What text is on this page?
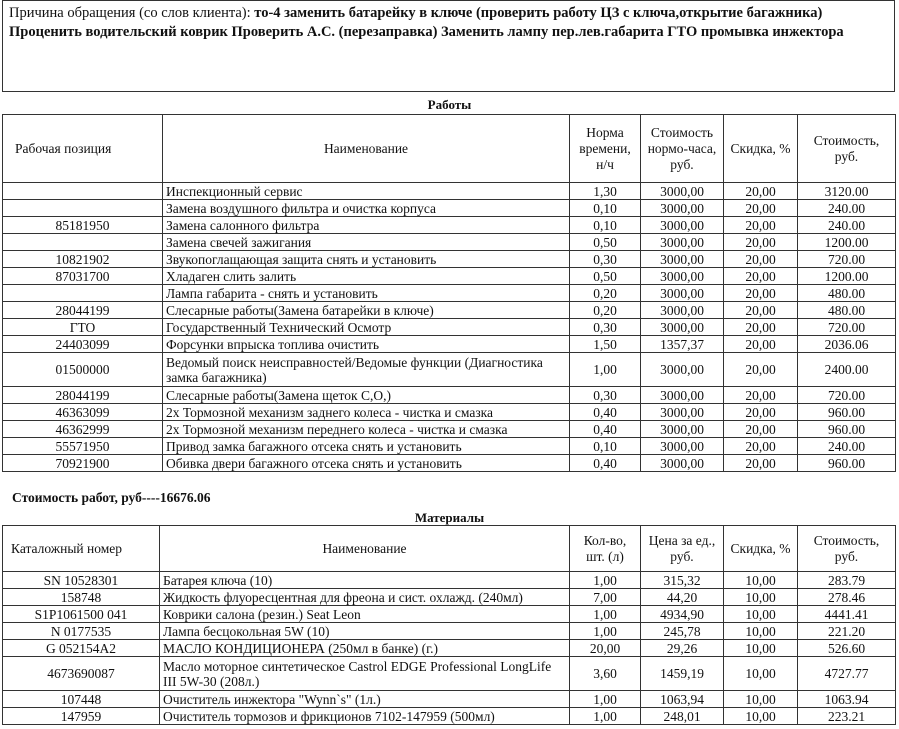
Причина обращения (со слов клиента): то-4 заменить батарейку в ключе (проверить работу ЦЗ с ключа,открытие багажника)
Проценить водительский коврик Проверить А.С. (перезаправка) Заменить лампу пер.лев.габарита ГТО промывка инжектора
Работы
Рабочая позиция	Наименование	Норма времени, н/ч	Стоимость нормо-часа, руб.	Скидка, %	Стоимость, руб.
	Инспекционный сервис	1,30	3000,00	20,00	3120.00
	Замена воздушного фильтра и очистка корпуса	0,10	3000,00	20,00	240.00
85181950	Замена салонного фильтра	0,10	3000,00	20,00	240.00
	Замена свечей зажигания	0,50	3000,00	20,00	1200.00
10821902	Звукопоглащающая защита снять и установить	0,30	3000,00	20,00	720.00
87031700	Хладаген слить залить	0,50	3000,00	20,00	1200.00
	Лампа габарита - снять и установить	0,20	3000,00	20,00	480.00
28044199	Слесарные работы(Замена батарейки в ключе)	0,20	3000,00	20,00	480.00
ГТО	Государственный Технический Осмотр	0,30	3000,00	20,00	720.00
24403099	Форсунки впрыска топлива очистить	1,50	1357,37	20,00	2036.06
01500000	Ведомый поиск неисправностей/Ведомые функции (Диагностика замка багажника)	1,00	3000,00	20,00	2400.00
28044199	Слесарные работы(Замена щеток С,О,)	0,30	3000,00	20,00	720.00
46363099	2х Тормозной механизм заднего колеса - чистка и смазка	0,40	3000,00	20,00	960.00
46362999	2х Тормозной механизм переднего колеса - чистка и смазка	0,40	3000,00	20,00	960.00
55571950	Привод замка багажного отсека снять и установить	0,10	3000,00	20,00	240.00
70921900	Обивка двери багажного отсека снять и установить	0,40	3000,00	20,00	960.00
Стоимость работ, руб----16676.06
Материалы
Каталожный номер	Наименование	Кол-во, шт. (л)	Цена за ед., руб.	Скидка, %	Стоимость, руб.
SN 10528301	Батарея ключа (10)	1,00	315,32	10,00	283.79
158748	Жидкость флуоресцентная для фреона и сист. охлажд. (240мл)	7,00	44,20	10,00	278.46
S1P1061500 041	Коврики салона (резин.) Seat Leon	1,00	4934,90	10,00	4441.41
N 0177535	Лампа бесцокольная 5W (10)	1,00	245,78	10,00	221.20
G 052154A2	МАСЛО КОНДИЦИОНЕРА (250мл в банке) (г.)	20,00	29,26	10,00	526.60
4673690087	Масло моторное синтетическое Castrol EDGE Professional LongLife III 5W-30 (208л.)	3,60	1459,19	10,00	4727.77
107448	Очиститель инжектора "Wynn`s" (1л.)	1,00	1063,94	10,00	1063.94
147959	Очиститель тормозов и фрикционов 7102-147959 (500мл)	1,00	248,01	10,00	223.21
